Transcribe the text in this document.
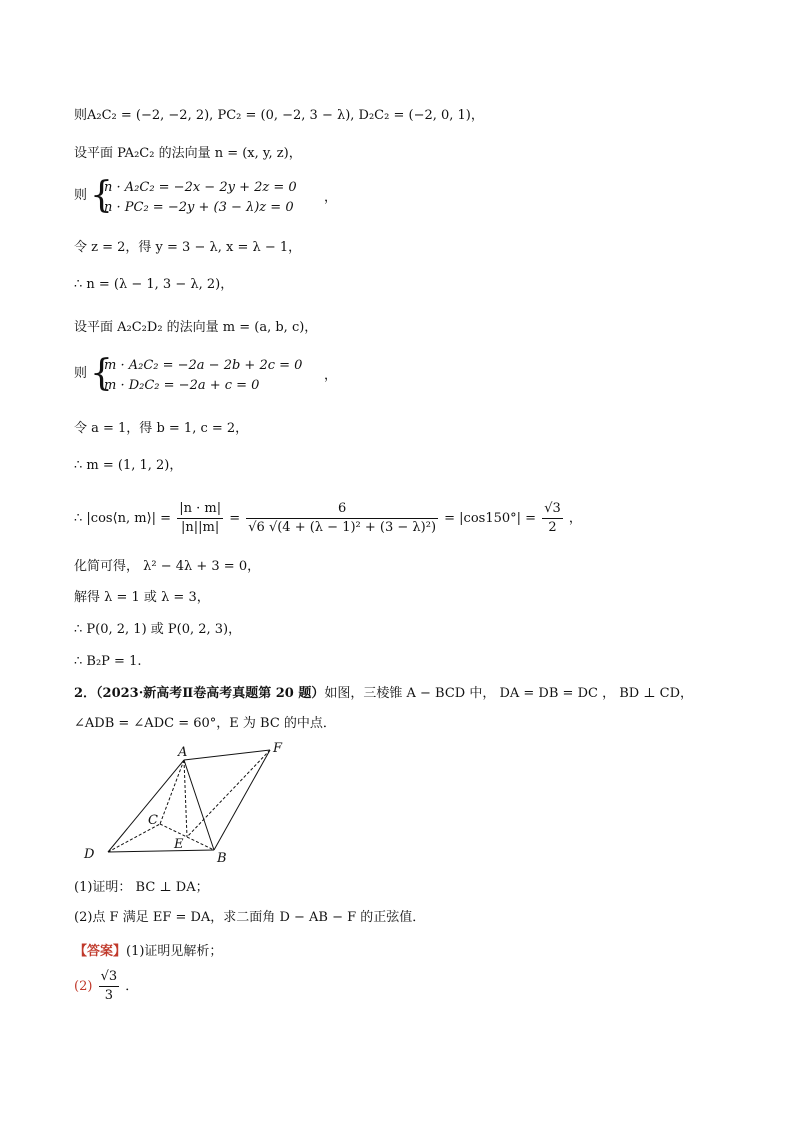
则A₂C₂ = (−2, −2, 2), PC₂ = (0, −2, 3 − λ), D₂C₂ = (−2, 0, 1)，
设平面 PA₂C₂ 的法向量 n = (x, y, z)，
则 {
n · A₂C₂ = −2x − 2y + 2z = 0
n · PC₂ = −2y + (3 − λ)z = 0
，
令 z = 2，得 y = 3 − λ, x = λ − 1，
∴ n = (λ − 1, 3 − λ, 2)，
设平面 A₂C₂D₂ 的法向量 m = (a, b, c)，
则 {
m · A₂C₂ = −2a − 2b + 2c = 0
m · D₂C₂ = −2a + c = 0
，
令 a = 1，得 b = 1, c = 2，
∴ m = (1, 1, 2)，
∴ |cos⟨n, m⟩| = $\frac{|n \cdot m|}{|n||m|} = \frac{6}{\text{√6 √(4 + (λ − 1)² + (3 − λ)²)}} = |\cos 150^\circ| = \frac{√3}{2}$ ，
化简可得， λ² − 4λ + 3 = 0，
解得 λ = 1 或 λ = 3，
∴ P(0, 2, 1) 或 P(0, 2, 3)，
∴ B₂P = 1.
2．（2023·新高考Ⅱ卷高考真题第 20 题）如图，三棱锥 A − BCD 中， DA = DB = DC ， BD ⊥ CD，
∠ADB = ∠ADC = 60°，E 为 BC 的中点．
A
B
C
D
E
F
(1)证明： BC ⊥ DA；
(2)点 F 满足 EF = DA，求二面角 D − AB − F 的正弦值．
【答案】(1)证明见解析；
$(2) \frac{√3}{3}$ ．
